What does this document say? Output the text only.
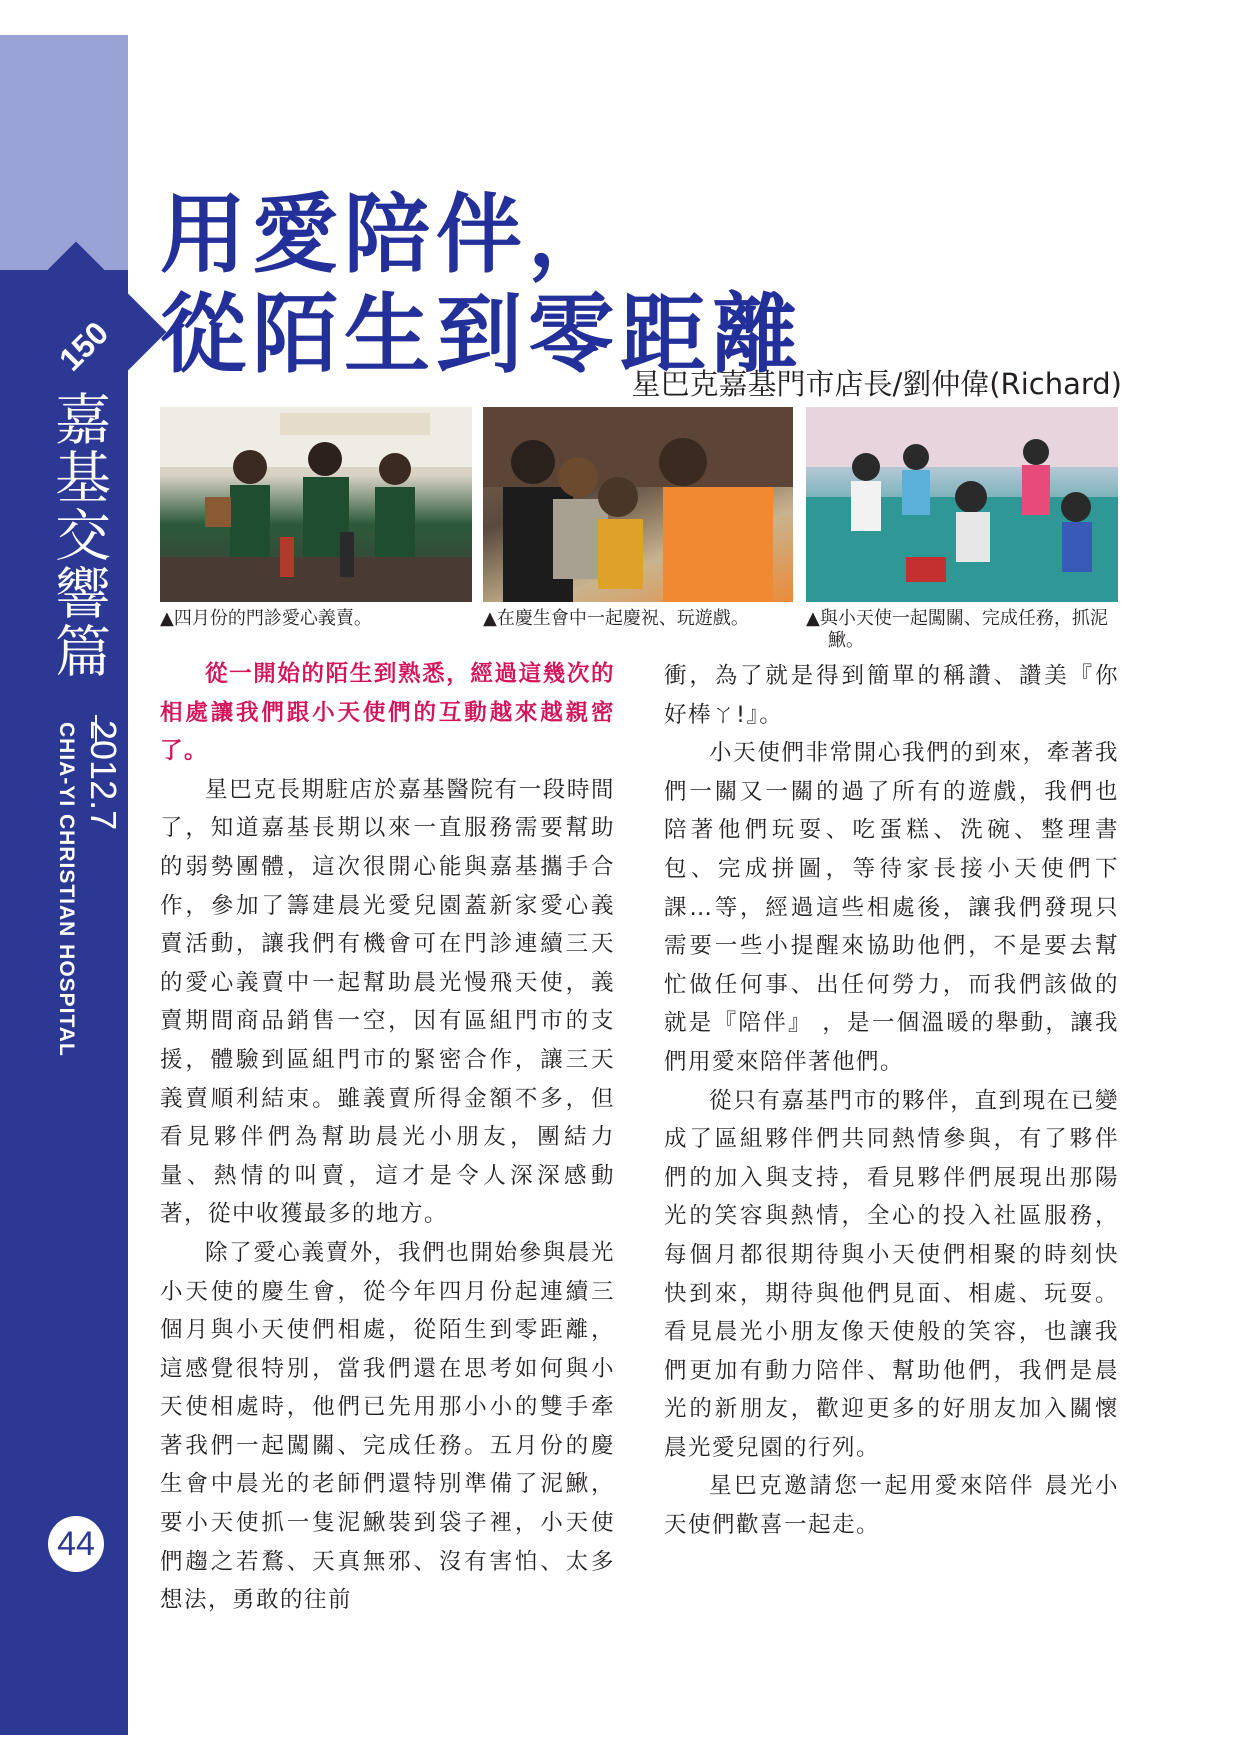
150
嘉基交響篇
2012.7
CHIA-YI CHRISTIAN HOSPITAL
44
用愛陪伴，
從陌生到零距離
星巴克嘉基門市店長/劉仲偉(Richard)
▲四月份的門診愛心義賣。	▲在慶生會中一起慶祝、玩遊戲。	▲與小天使一起闖關、完成任務，抓泥鰍。

從一開始的陌生到熟悉，經過這幾次的相處讓我們跟小天使們的互動越來越親密了。

星巴克長期駐店於嘉基醫院有一段時間了，知道嘉基長期以來一直服務需要幫助的弱勢團體，這次很開心能與嘉基攜手合作，參加了籌建晨光愛兒園蓋新家愛心義賣活動，讓我們有機會可在門診連續三天的愛心義賣中一起幫助晨光慢飛天使，義賣期間商品銷售一空，因有區組門市的支援，體驗到區組門市的緊密合作，讓三天義賣順利結束。雖義賣所得金額不多，但看見夥伴們為幫助晨光小朋友，團結力量、熱情的叫賣，這才是令人深深感動著，從中收獲最多的地方。

除了愛心義賣外，我們也開始參與晨光小天使的慶生會，從今年四月份起連續三個月與小天使們相處，從陌生到零距離，這感覺很特別，當我們還在思考如何與小天使相處時，他們已先用那小小的雙手牽著我們一起闖關、完成任務。五月份的慶生會中晨光的老師們還特別準備了泥鰍，要小天使抓一隻泥鰍裝到袋子裡，小天使們趨之若鶩、天真無邪、沒有害怕、太多想法，勇敢的往前

衝，為了就是得到簡單的稱讚、讚美『你好棒ㄚ!』。

小天使們非常開心我們的到來，牽著我們一關又一關的過了所有的遊戲，我們也陪著他們玩耍、吃蛋糕、洗碗、整理書包、完成拼圖，等待家長接小天使們下課…等，經過這些相處後，讓我們發現只需要一些小提醒來協助他們，不是要去幫忙做任何事、出任何勞力，而我們該做的就是『陪伴』 ，是一個溫暖的舉動，讓我們用愛來陪伴著他們。

從只有嘉基門市的夥伴，直到現在已變成了區組夥伴們共同熱情參與，有了夥伴們的加入與支持，看見夥伴們展現出那陽光的笑容與熱情，全心的投入社區服務，每個月都很期待與小天使們相聚的時刻快快到來，期待與他們見面、相處、玩耍。看見晨光小朋友像天使般的笑容，也讓我們更加有動力陪伴、幫助他們，我們是晨光的新朋友，歡迎更多的好朋友加入關懷晨光愛兒園的行列。

星巴克邀請您一起用愛來陪伴 晨光小天使們歡喜一起走。
